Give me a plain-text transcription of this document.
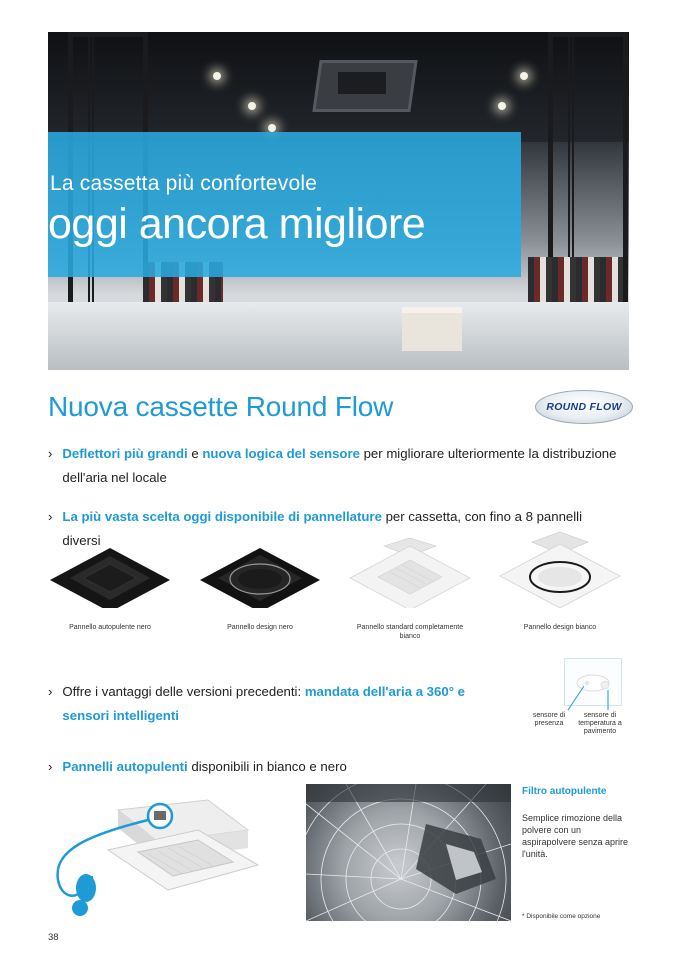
La cassetta più confortevole
oggi ancora migliore
Nuova cassette Round Flow	ROUND FLOW
› Deflettori più grandi e nuova logica del sensore per migliorare ulteriormente la distribuzione dell'aria nel locale
› La più vasta scelta oggi disponibile di pannellature per cassetta, con fino a 8 pannelli diversi
Pannello autopulente nero	Pannello design nero	Pannello standard completamente bianco
Pannello design bianco
› Offre i vantaggi delle versioni precedenti: mandata dell'aria a 360° e sensori intelligenti	sensore di presenza
sensore di temperatura a pavimento
› Pannelli autopulenti disponibili in bianco e nero
Filtro autopulente
Semplice rimozione della polvere con un aspirapolvere senza aprire l'unità.
* Disponibile come opzione
38
